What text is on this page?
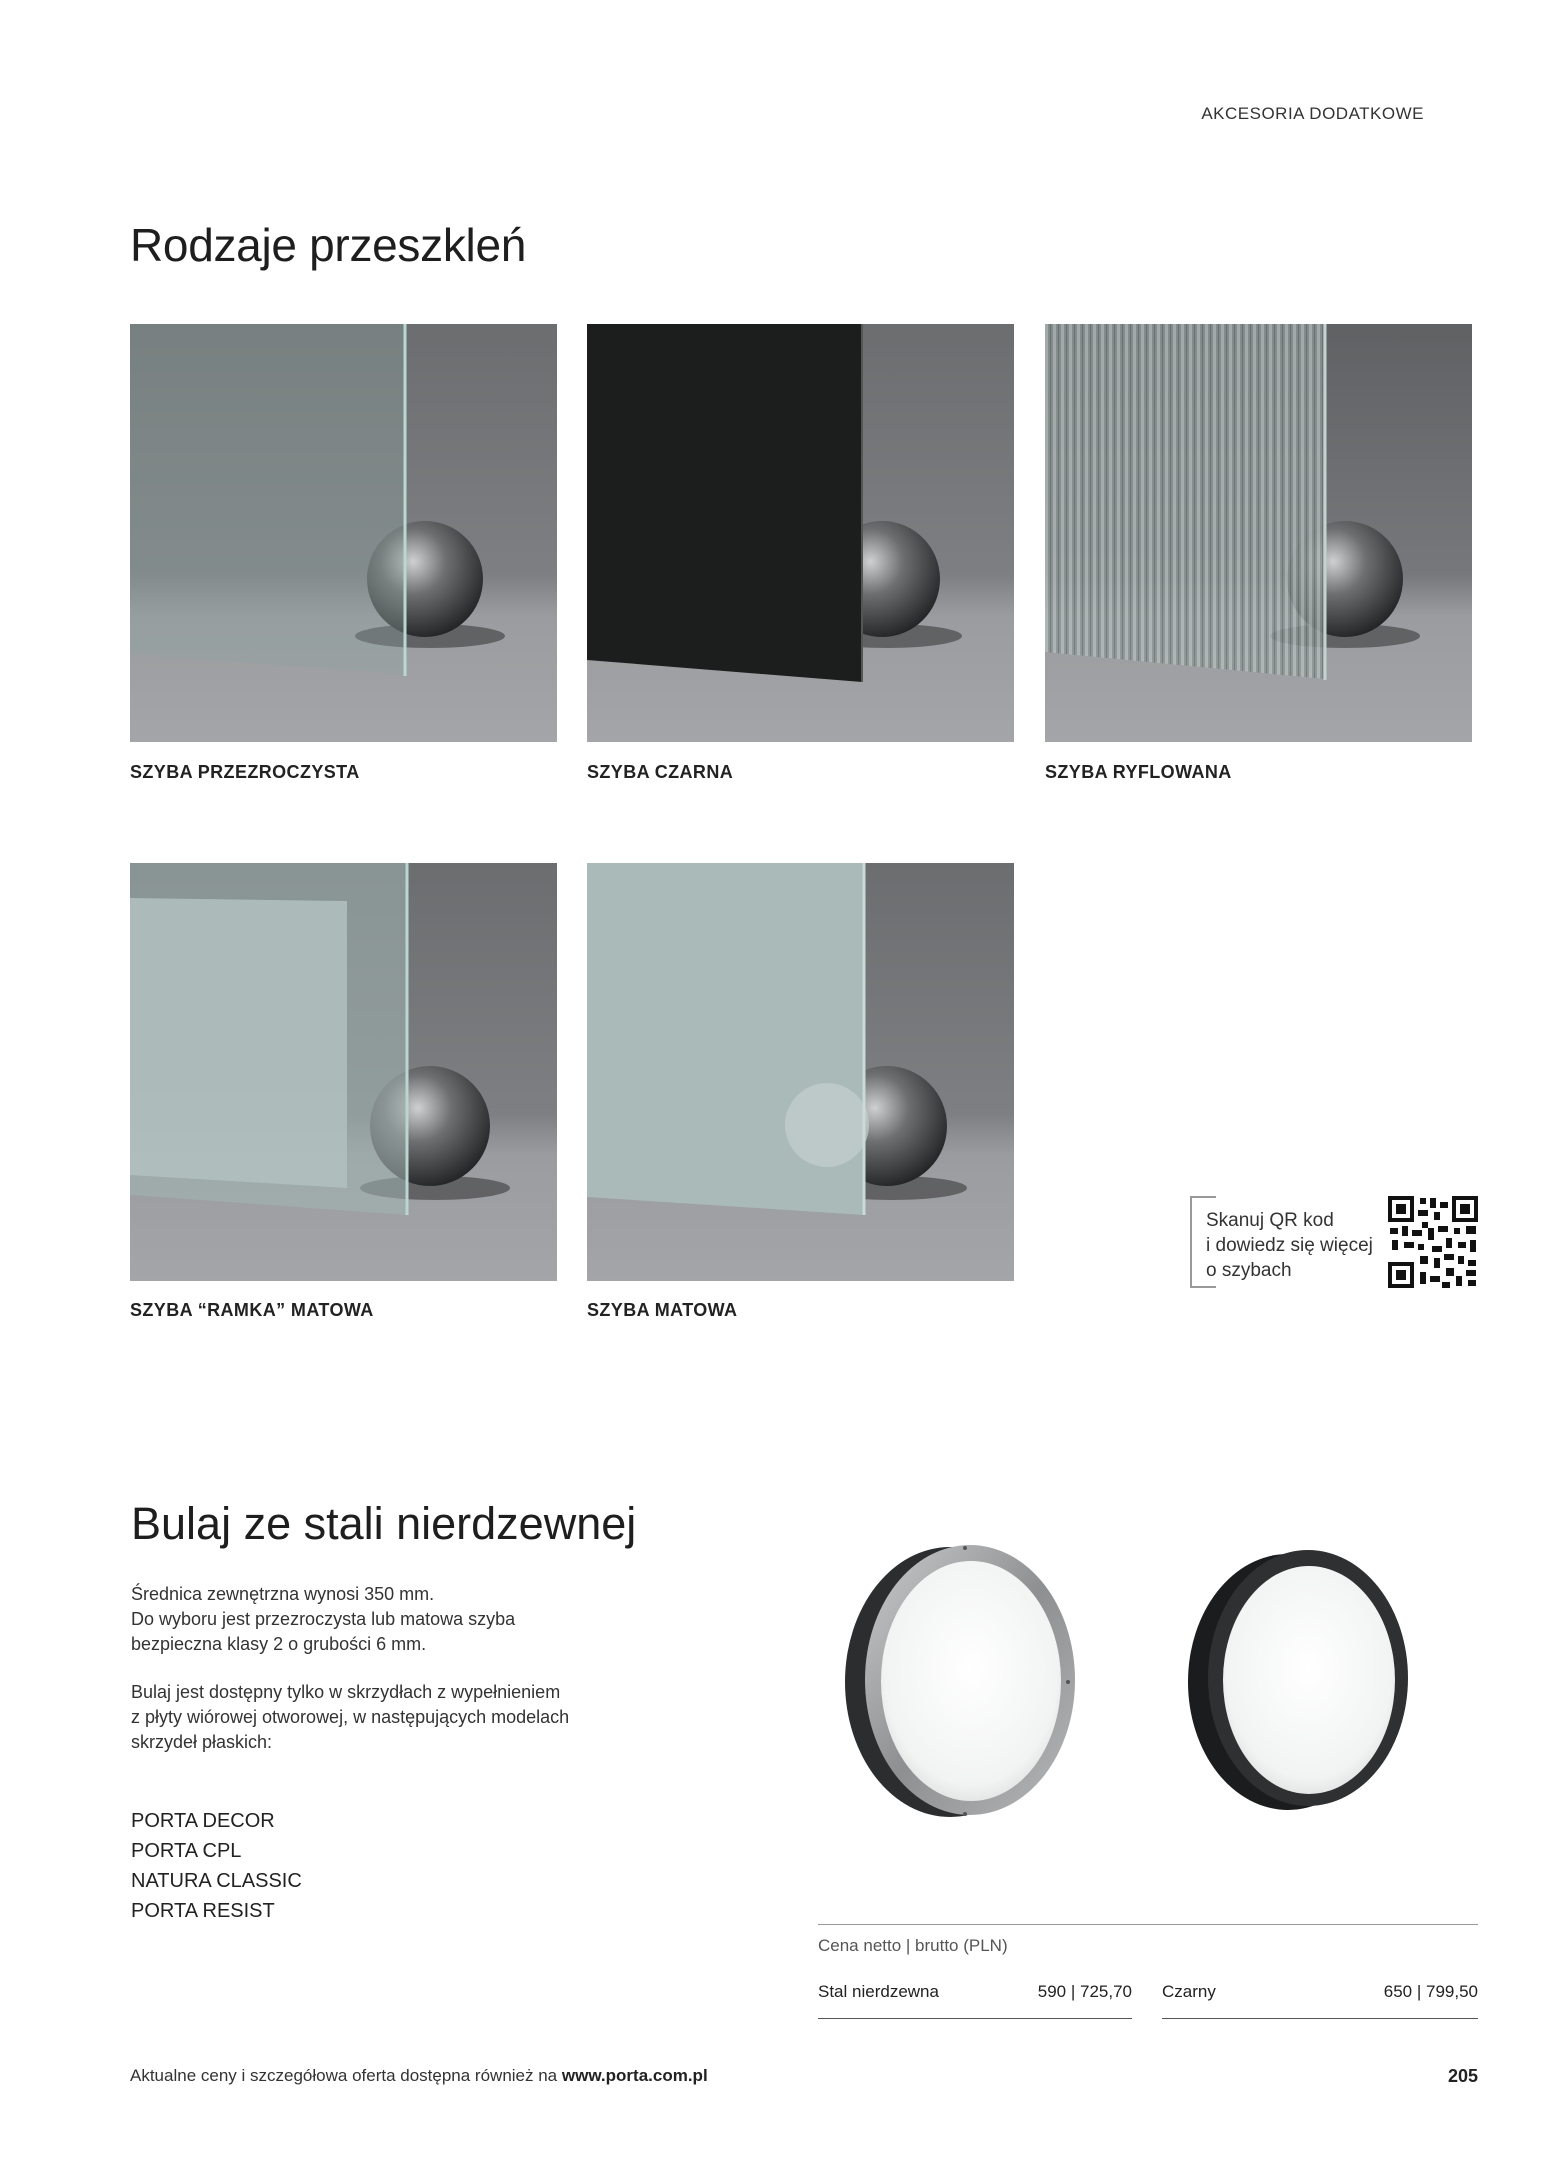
AKCESORIA DODATKOWE
Rodzaje przeszkleń
SZYBA PRZEZROCZYSTA	SZYBA CZARNA	SZYBA RYFLOWANA
SZYBA “RAMKA” MATOWA	SZYBA MATOWA
Skanuj QR kod
i dowiedz się więcej
o szybach
Bulaj ze stali nierdzewnej
Średnica zewnętrzna wynosi 350 mm.
Do wyboru jest przezroczysta lub matowa szyba
bezpieczna klasy 2 o grubości 6 mm.
Bulaj jest dostępny tylko w skrzydłach z wypełnieniem
z płyty wiórowej otworowej, w następujących modelach
skrzydeł płaskich:
PORTA DECOR
PORTA CPL
NATURA CLASSIC
PORTA RESIST
Cena netto | brutto (PLN)
Stal nierdzewna	590 | 725,70 Czarny	650 | 799,50
Aktualne ceny i szczegółowa oferta dostępna również na www.porta.com.pl	205
